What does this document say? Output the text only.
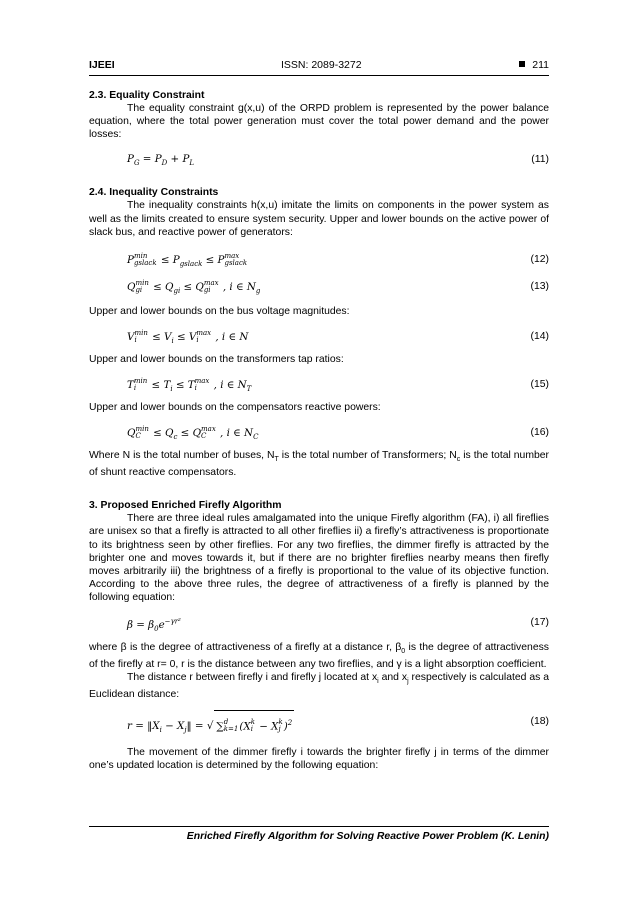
IJEEI	ISSN: 2089-3272	211

2.3. Equality Constraint

The equality constraint g(x,u) of the ORPD problem is represented by the power balance equation, where the total power generation must cover the total power demand and the power losses:

$P_G = P_D + P_L$	(11)

2.4. Inequality Constraints

The inequality constraints h(x,u) imitate the limits on components in the power system as well as the limits created to ensure system security. Upper and lower bounds on the active power of slack bus, and reactive power of generators:

P min
gslack ≤ $P_{gslack} \le P$ max
gslack	(12)
Q min
gi ≤ $Q_{gi} \le Q$ max
gi , i ∈ $N_g$	(13)

Upper and lower bounds on the bus voltage magnitudes:

V min
i	≤ $V_i \le V$ max
i	, i ∈ N	(14)

Upper and lower bounds on the transformers tap ratios:

T min
i	≤ $T_i \le T$ max
i	, i ∈ $N_T$	(15)

Upper and lower bounds on the compensators reactive powers:

Q min
$C \le Q_c \le Q$ max
C	, i ∈ $N_C$	(16)

Where N is the total number of buses, $N_T$ is the total number of Transformers; $N_c$ is the total number of shunt reactive compensators.

3. Proposed Enriched Firefly Algorithm

There are three ideal rules amalgamated into the unique Firefly algorithm (FA), i) all fireflies are unisex so that a firefly is attracted to all other fireflies ii) a firefly’s attractiveness is proportionate to its brightness seen by other fireflies. For any two fireflies, the dimmer firefly is attracted by the brighter one and moves towards it, but if there are no brighter fireflies nearby means then firefly moves arbitrarily iii) the brightness of a firefly is proportional to the value of its objective function. According to the above three rules, the degree of attractiveness of a firefly is planned by the following equation:

$\beta = \beta_0e^{-\gamma r^2}$	(17)

where β is the degree of attractiveness of a firefly at a distance r, $\beta_0$ is the degree of attractiveness of the firefly at r= 0, r is the distance between any two fireflies, and γ is a light absorption coefficient.

The distance r between firefly i and firefly j located at $x_i$ and $x_j$ respectively is calculated as a Euclidean distance:

$r = ‖X_i$ − $X_j‖$ = √ ∑ d
k=1 (X k
i − X k
j )$^2$	(18)

The movement of the dimmer firefly i towards the brighter firefly j in terms of the dimmer one’s updated location is determined by the following equation:

Enriched Firefly Algorithm for Solving Reactive Power Problem (K. Lenin)
